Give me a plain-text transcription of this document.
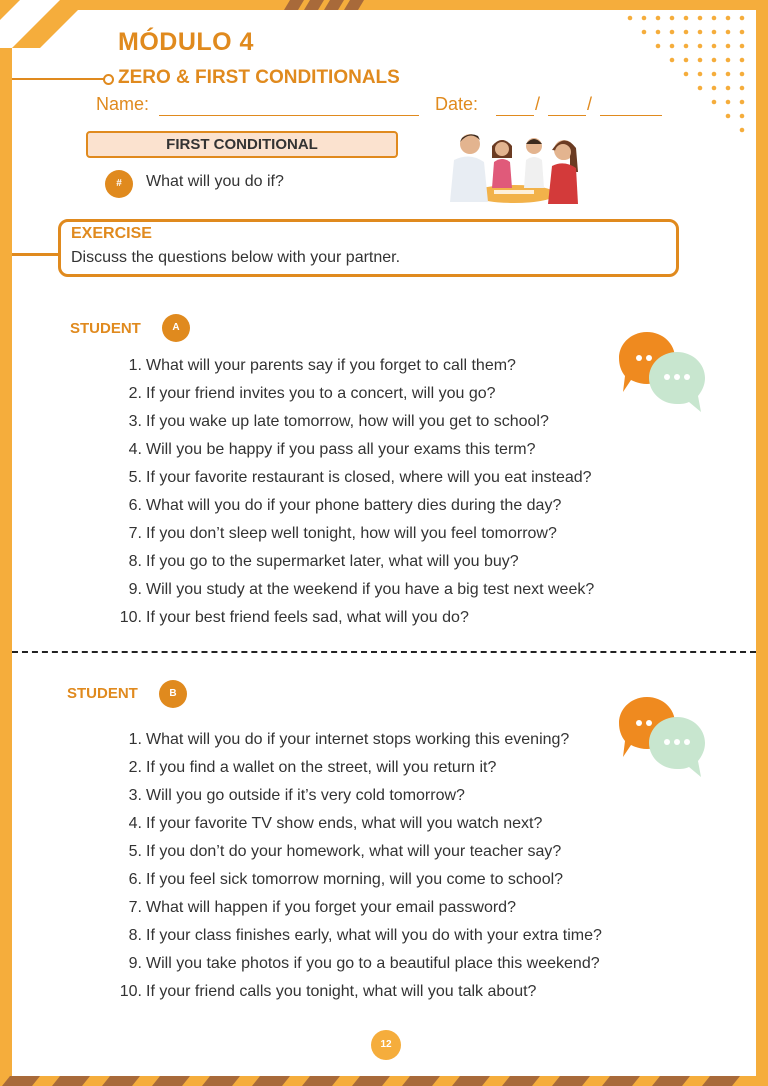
MÓDULO 4
ZERO & FIRST CONDITIONALS
Name:	Date:	/	/
FIRST CONDITIONAL
#	What will you do if?
EXERCISE
Discuss the questions below with your partner.
STUDENT	A
1. What will your parents say if you forget to call them?
2. If your friend invites you to a concert, will you go?
3. If you wake up late tomorrow, how will you get to school?
4. Will you be happy if you pass all your exams this term?
5. If your favorite restaurant is closed, where will you eat instead?
6. What will you do if your phone battery dies during the day?
7. If you don’t sleep well tonight, how will you feel tomorrow?
8. If you go to the supermarket later, what will you buy?
9. Will you study at the weekend if you have a big test next week?
10. If your best friend feels sad, what will you do?
STUDENT	B
1. What will you do if your internet stops working this evening?
2. If you find a wallet on the street, will you return it?
3. Will you go outside if it’s very cold tomorrow?
4. If your favorite TV show ends, what will you watch next?
5. If you don’t do your homework, what will your teacher say?
6. If you feel sick tomorrow morning, will you come to school?
7. What will happen if you forget your email password?
8. If your class finishes early, what will you do with your extra time?
9. Will you take photos if you go to a beautiful place this weekend?
10. If your friend calls you tonight, what will you talk about?
12
